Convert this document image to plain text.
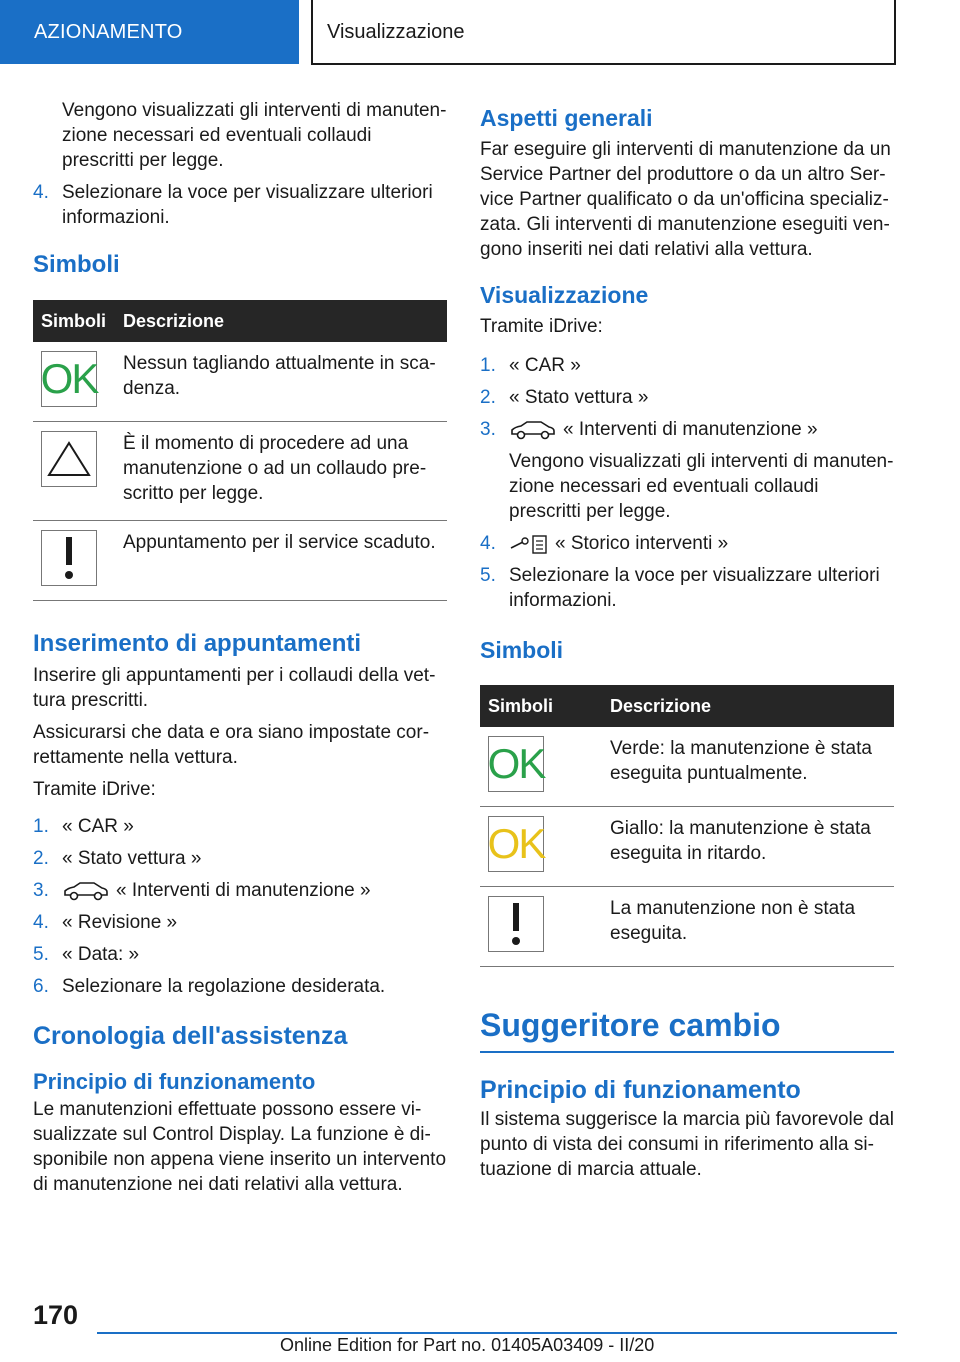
AZIONAMENTO	Visualizzazione

Vengono visualizzati gli interventi di manutenzione necessari ed eventuali collaudi prescritti per legge.

4. Selezionare la voce per visualizzare ulteriori informazioni.
Simboli
Simboli	Descrizione

OK	Nessun tagliando attualmente in scadenza.

	È il momento di procedere ad una manutenzione o ad un collaudo prescritto per legge.

	Appuntamento per il service scaduto.
Inserimento di appuntamenti

Inserire gli appuntamenti per i collaudi della vettura prescritti.

Assicurarsi che data e ora siano impostate correttamente nella vettura.

Tramite iDrive:

1. « CAR »
2. « Stato vettura »
3.	« Interventi di manutenzione »
4. « Revisione »
5. « Data: »
6. Selezionare la regolazione desiderata.
Cronologia dell'assistenza
Principio di funzionamento

Le manutenzioni effettuate possono essere visualizzate sul Control Display. La funzione è disponibile non appena viene inserito un intervento di manutenzione nei dati relativi alla vettura.

Aspetti generali

Far eseguire gli interventi di manutenzione da un Service Partner del produttore o da un altro Service Partner qualificato o da un'officina specializzata. Gli interventi di manutenzione eseguiti vengono inseriti nei dati relativi alla vettura.

Visualizzazione

Tramite iDrive:

1. « CAR »
2. « Stato vettura »
3.	« Interventi di manutenzione »
Vengono visualizzati gli interventi di manutenzione necessari ed eventuali collaudi prescritti per legge.
4.	« Storico interventi »
5. Selezionare la voce per visualizzare ulteriori informazioni.
Simboli
Simboli	Descrizione

OK	Verde: la manutenzione è stata eseguita puntualmente.

OK	Giallo: la manutenzione è stata eseguita in ritardo.

	La manutenzione non è stata eseguita.
Suggeritore cambio
Principio di funzionamento

Il sistema suggerisce la marcia più favorevole dal punto di vista dei consumi in riferimento alla situazione di marcia attuale.

170
Online Edition for Part no. 01405A03409 - II/20
